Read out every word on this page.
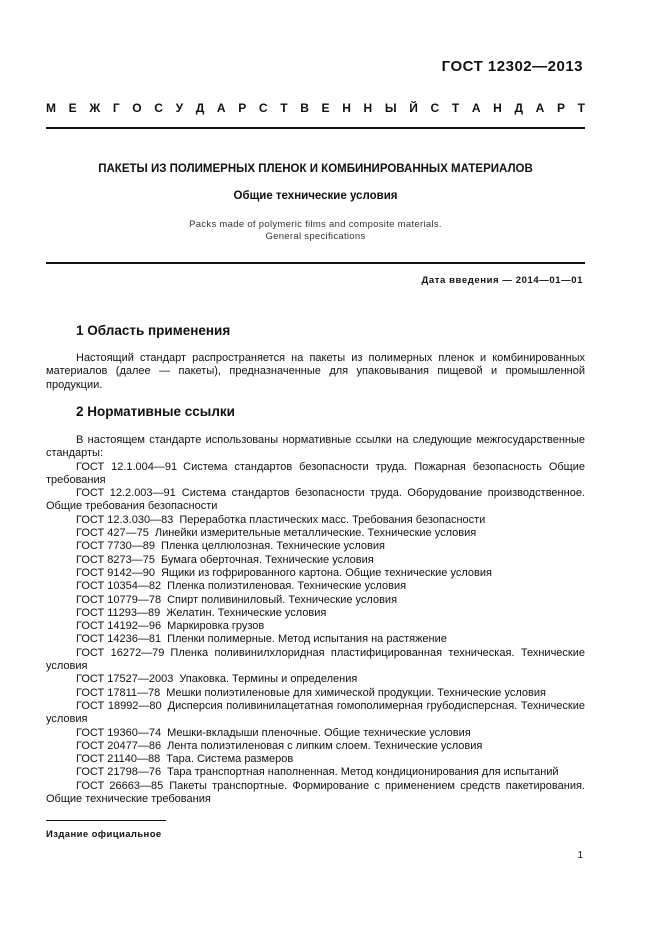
ГОСТ 12302—2013
М Е Ж Г О С У Д А Р С Т В Е Н Н Ы Й С Т А Н Д А Р Т
ПАКЕТЫ ИЗ ПОЛИМЕРНЫХ ПЛЕНОК И КОМБИНИРОВАННЫХ МАТЕРИАЛОВ
Общие технические условия
Packs made of polymeric films and composite materials.
General specifications
Дата введения — 2014—01—01
1 Область применения
Настоящий стандарт распространяется на пакеты из полимерных пленок и комбинированных материалов (далее — пакеты), предназначенные для упаковывания пищевой и промышленной продукции.
2 Нормативные ссылки
В настоящем стандарте использованы нормативные ссылки на следующие межгосударственные стандарты:
ГОСТ 12.1.004—91 Система стандартов безопасности труда. Пожарная безопасность Общие требования
ГОСТ 12.2.003—91 Система стандартов безопасности труда. Оборудование производственное. Общие требования безопасности
ГОСТ 12.3.030—83 Переработка пластических масс. Требования безопасности
ГОСТ 427—75 Линейки измерительные металлические. Технические условия
ГОСТ 7730—89 Пленка целлюлозная. Технические условия
ГОСТ 8273—75 Бумага оберточная. Технические условия
ГОСТ 9142—90 Ящики из гофрированного картона. Общие технические условия
ГОСТ 10354—82 Пленка полиэтиленовая. Технические условия
ГОСТ 10779—78 Спирт поливиниловый. Технические условия
ГОСТ 11293—89 Желатин. Технические условия
ГОСТ 14192—96 Маркировка грузов
ГОСТ 14236—81 Пленки полимерные. Метод испытания на растяжение
ГОСТ 16272—79 Пленка поливинилхлоридная пластифицированная техническая. Технические условия
ГОСТ 17527—2003 Упаковка. Термины и определения
ГОСТ 17811—78 Мешки полиэтиленовые для химической продукции. Технические условия
ГОСТ 18992—80 Дисперсия поливинилацетатная гомополимерная грубодисперсная. Технические условия
ГОСТ 19360—74 Мешки-вкладыши пленочные. Общие технические условия
ГОСТ 20477—86 Лента полиэтиленовая с липким слоем. Технические условия
ГОСТ 21140—88 Тара. Система размеров
ГОСТ 21798—76 Тара транспортная наполненная. Метод кондиционирования для испытаний
ГОСТ 26663—85 Пакеты транспортные. Формирование с применением средств пакетирования. Общие технические требования
Издание официальное
1
